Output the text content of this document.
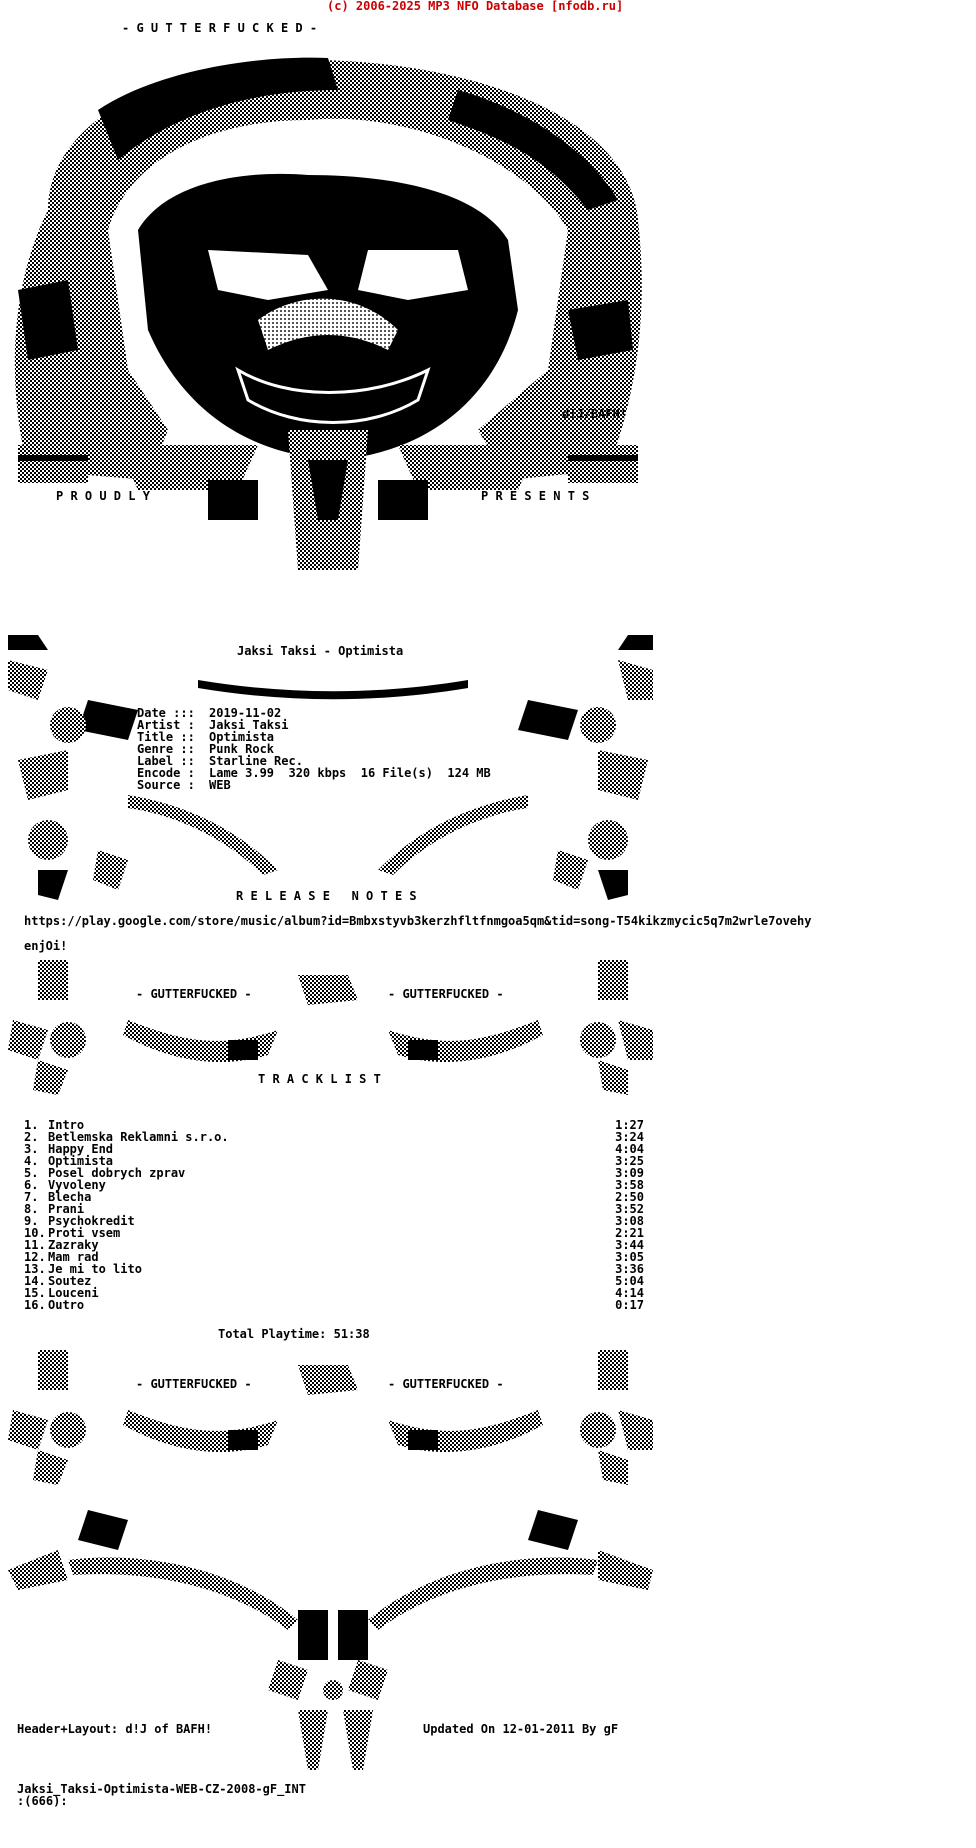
(c) 2006-2025 MP3 NFO Database [nfodb.ru]
- G U T T E R F U C K E D -
d!J/BAFH!
P R O U D L Y	gF	P R E S E N T S
Jaksi Taksi - Optimista
Date ::: 2019-11-02
Artist : Jaksi Taksi
Title :: Optimista
Genre :: Punk Rock
Label :: Starline Rec.
Encode : Lame 3.99  320 kbps  16 File(s)  124 MB
Source : WEB
R E L E A S E   N O T E S
https://play.google.com/store/music/album?id=Bmbxstyvb3kerzhfltfnmgoa5qm&tid=song-T54kikzmycic5q7m2wrle7ovehy
enjOi!
- GUTTERFUCKED -	- GUTTERFUCKED -
T R A C K L I S T
1. Intro	1:27
2. Betlemska Reklamni s.r.o.	3:24
3. Happy End	4:04
4. Optimista	3:25
5. Posel dobrych zprav	3:09
6. Vyvoleny	3:58
7. Blecha	2:50
8. Prani	3:52
9. Psychokredit	3:08
10. Proti vsem	2:21
11. Zazraky	3:44
12. Mam rad	3:05
13. Je mi to lito	3:36
14. Soutez	5:04
15. Louceni	4:14
16. Outro	0:17
Total Playtime: 51:38
- GUTTERFUCKED -	- GUTTERFUCKED -
Header+Layout: d!J of BAFH!	Updated On 12-01-2011 By gF
Jaksi_Taksi-Optimista-WEB-CZ-2008-gF_INT
:(666):
